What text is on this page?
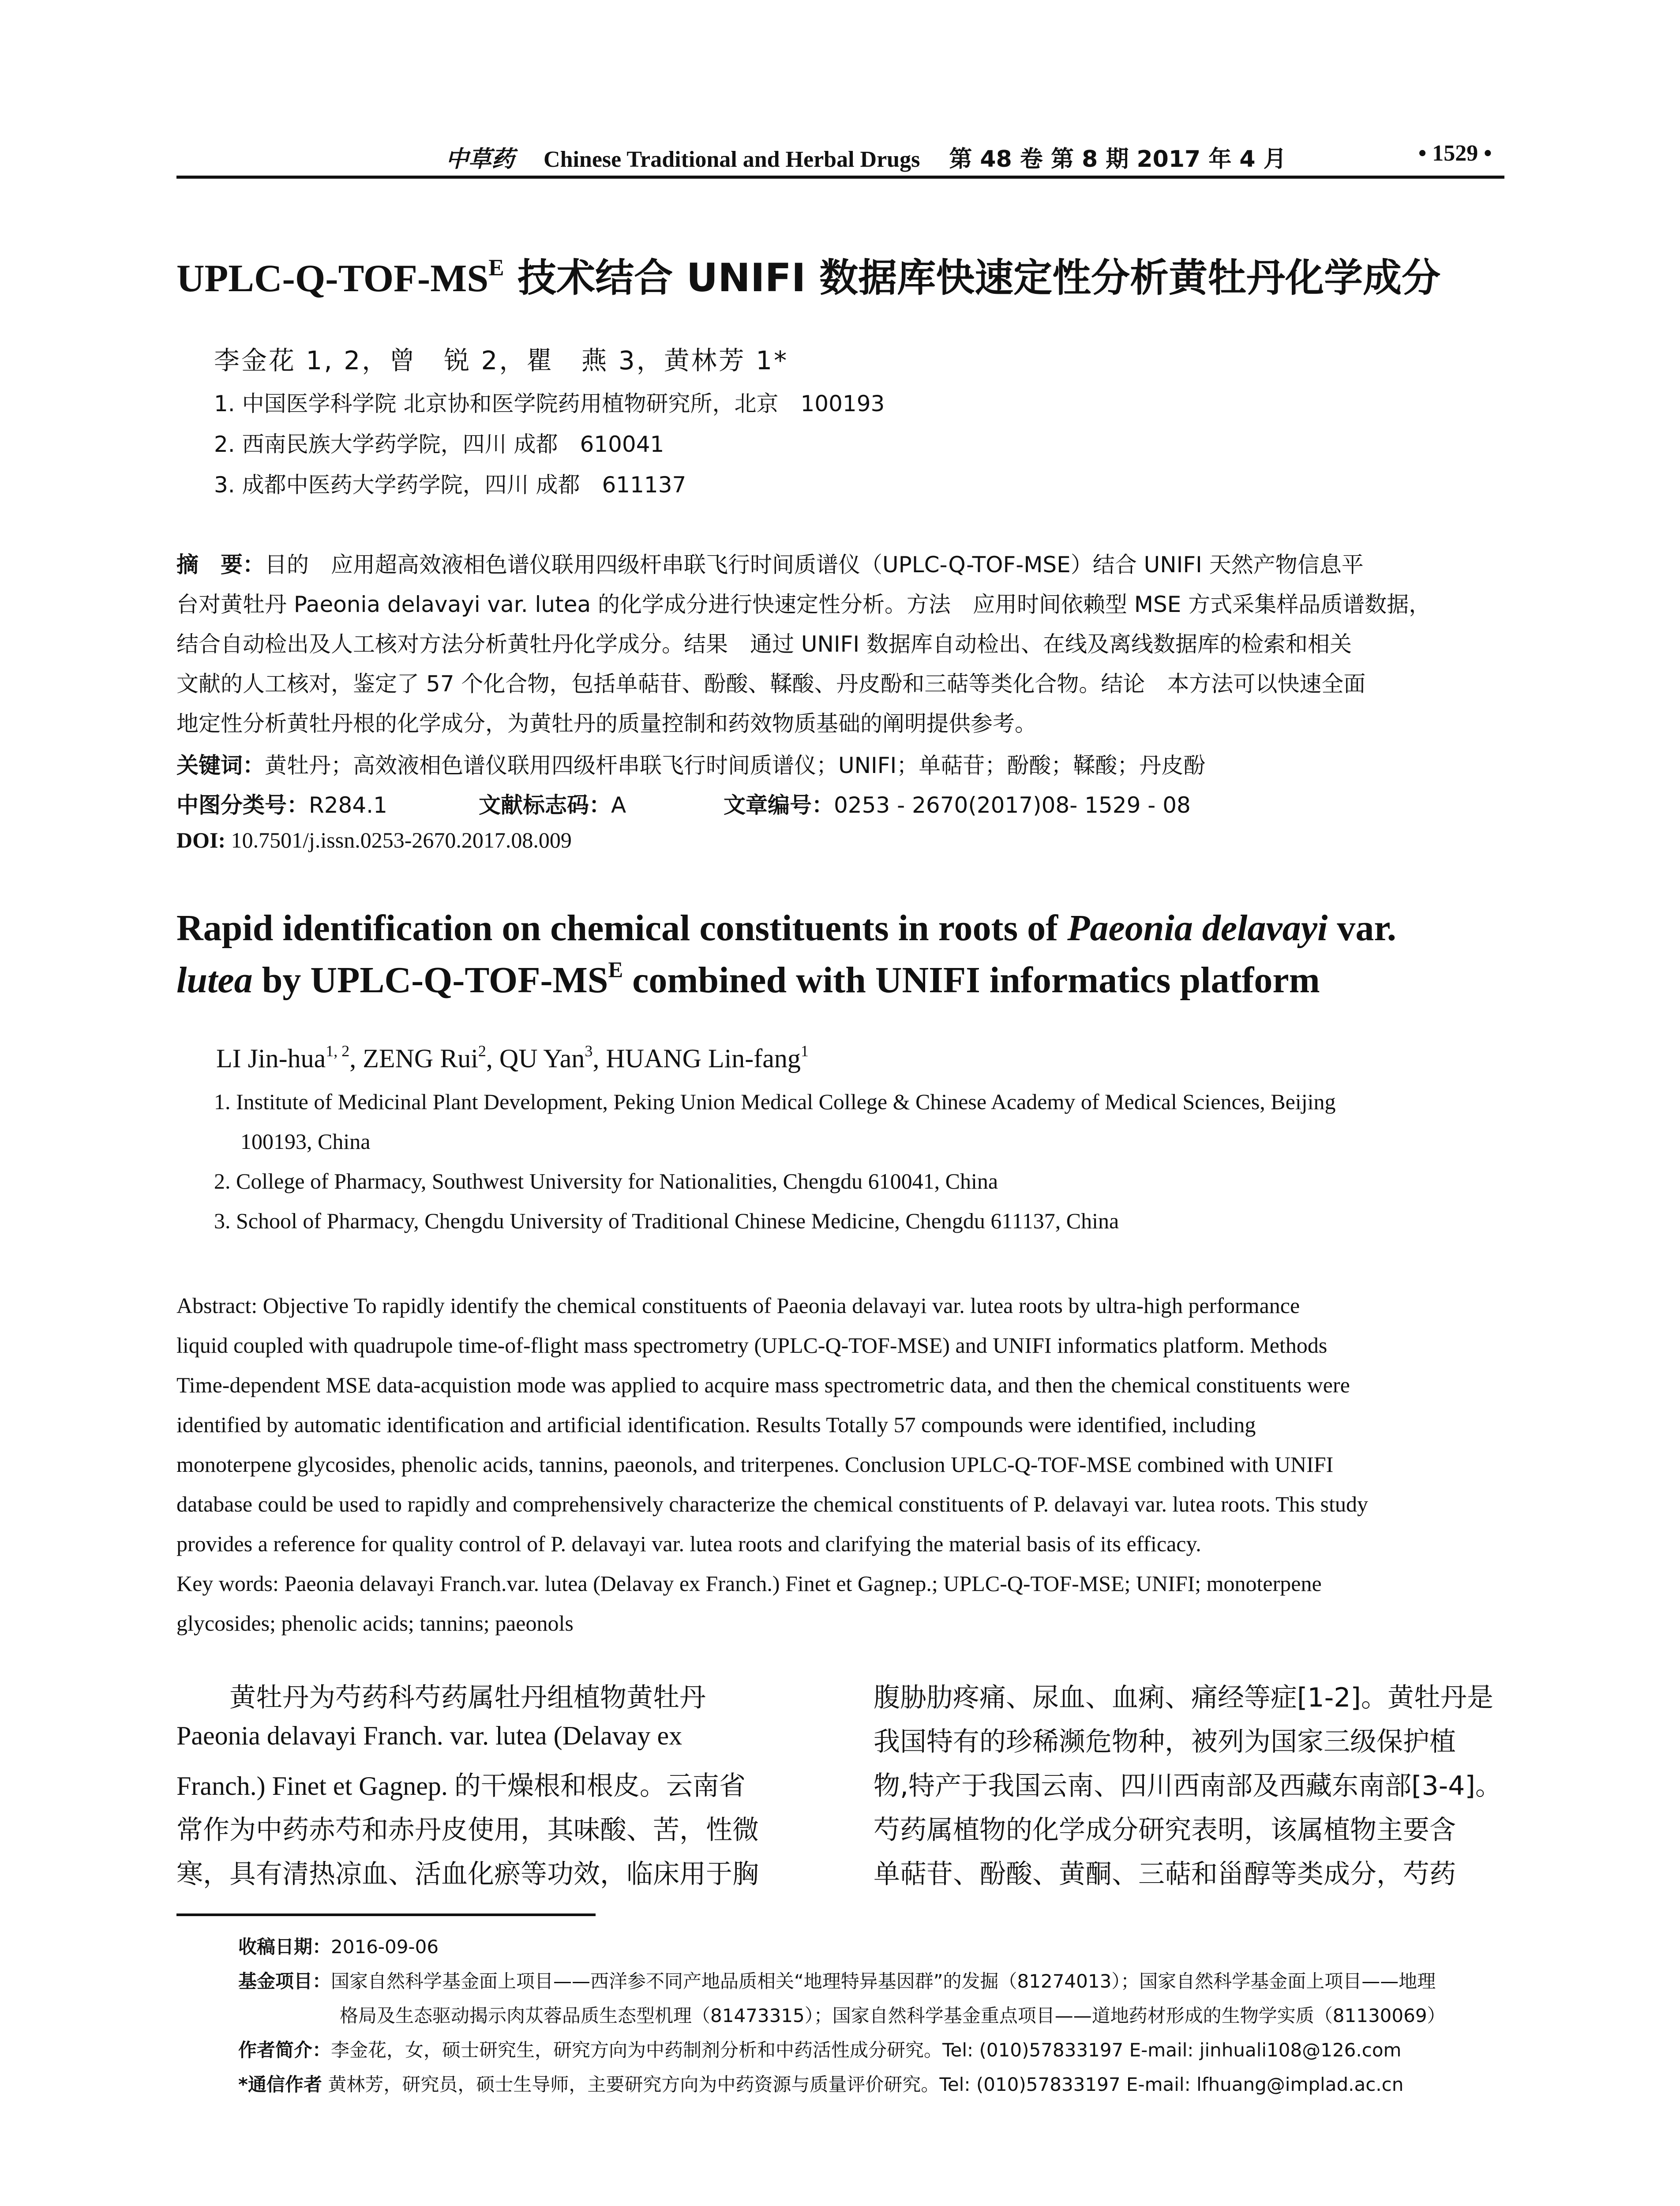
中草药 Chinese Traditional and Herbal Drugs 第 48 卷 第 8 期 2017 年 4 月	• 1529 •
UPLC-$Q-TOF-MS^E$ 技术结合 UNIFI 数据库快速定性分析黄牡丹化学成分
李金花 1, 2，曾　锐 2，瞿　燕 3，黄林芳 1*
1. 中国医学科学院 北京协和医学院药用植物研究所，北京　100193
2. 西南民族大学药学院，四川 成都　610041
3. 成都中医药大学药学院，四川 成都　611137
摘　要：目的　应用超高效液相色谱仪联用四级杆串联飞行时间质谱仪（UPLC-Q-TOF-MSE）结合 UNIFI 天然产物信息平
台对黄牡丹 Paeonia delavayi var. lutea 的化学成分进行快速定性分析。方法　应用时间依赖型 MSE 方式采集样品质谱数据，
结合自动检出及人工核对方法分析黄牡丹化学成分。结果　通过 UNIFI 数据库自动检出、在线及离线数据库的检索和相关
文献的人工核对，鉴定了 57 个化合物，包括单萜苷、酚酸、鞣酸、丹皮酚和三萜等类化合物。结论　本方法可以快速全面
地定性分析黄牡丹根的化学成分，为黄牡丹的质量控制和药效物质基础的阐明提供参考。
关键词：黄牡丹；高效液相色谱仪联用四级杆串联飞行时间质谱仪；UNIFI；单萜苷；酚酸；鞣酸；丹皮酚
中图分类号：R284.1	文献标志码：A	文章编号：0253 - 2670(2017)08- 1529 - 08
DOI: 10.7501/j.issn.0253-2670.2017.08.009
Rapid identification on chemical constituents in roots of Paeonia delavayi var.
lutea by UPLC-$Q-TOF-MS^E$ combined with UNIFI informatics platform
LI Jin-hua$^{1, 2}$, ZENG Rui$^2$, QU Yan$^3$, HUANG Lin-fang$^1$
1. Institute of Medicinal Plant Development, Peking Union Medical College & Chinese Academy of Medical Sciences, Beijing
100193, China
2. College of Pharmacy, Southwest University for Nationalities, Chengdu 610041, China
3. School of Pharmacy, Chengdu University of Traditional Chinese Medicine, Chengdu 611137, China
Abstract: Objective To rapidly identify the chemical constituents of Paeonia delavayi var. lutea roots by ultra-high performance
liquid coupled with quadrupole time-of-flight mass spectrometry (UPLC-Q-TOF-MSE) and UNIFI informatics platform. Methods
Time-dependent MSE data-acquistion mode was applied to acquire mass spectrometric data, and then the chemical constituents were
identified by automatic identification and artificial identification. Results Totally 57 compounds were identified, including
monoterpene glycosides, phenolic acids, tannins, paeonols, and triterpenes. Conclusion UPLC-Q-TOF-MSE combined with UNIFI
database could be used to rapidly and comprehensively characterize the chemical constituents of P. delavayi var. lutea roots. This study
provides a reference for quality control of P. delavayi var. lutea roots and clarifying the material basis of its efficacy.
Key words: Paeonia delavayi Franch.var. lutea (Delavay ex Franch.) Finet et Gagnep.; UPLC-Q-TOF-MSE; UNIFI; monoterpene
glycosides; phenolic acids; tannins; paeonols
　　黄牡丹为芍药科芍药属牡丹组植物黄牡丹
Paeonia delavayi Franch. var. lutea (Delavay ex
Franch.) Finet et Gagnep. 的干燥根和根皮。云南省
常作为中药赤芍和赤丹皮使用，其味酸、苦，性微
寒，具有清热凉血、活血化瘀等功效，临床用于胸
腹胁肋疼痛、尿血、血痢、痛经等症[1-2]。黄牡丹是
我国特有的珍稀濒危物种，被列为国家三级保护植
物,特产于我国云南、四川西南部及西藏东南部[3-4]。
芍药属植物的化学成分研究表明，该属植物主要含
单萜苷、酚酸、黄酮、三萜和甾醇等类成分，芍药
收稿日期：2016-09-06
基金项目：国家自然科学基金面上项目——西洋参不同产地品质相关“地理特异基因群”的发掘（81274013）；国家自然科学基金面上项目——地理
格局及生态驱动揭示肉苁蓉品质生态型机理（81473315）；国家自然科学基金重点项目——道地药材形成的生物学实质（81130069）
作者简介：李金花，女，硕士研究生，研究方向为中药制剂分析和中药活性成分研究。Tel: (010)57833197 E-mail: jinhuali108@126.com
*通信作者 黄林芳，研究员，硕士生导师，主要研究方向为中药资源与质量评价研究。Tel: (010)57833197 E-mail: lfhuang@implad.ac.cn
